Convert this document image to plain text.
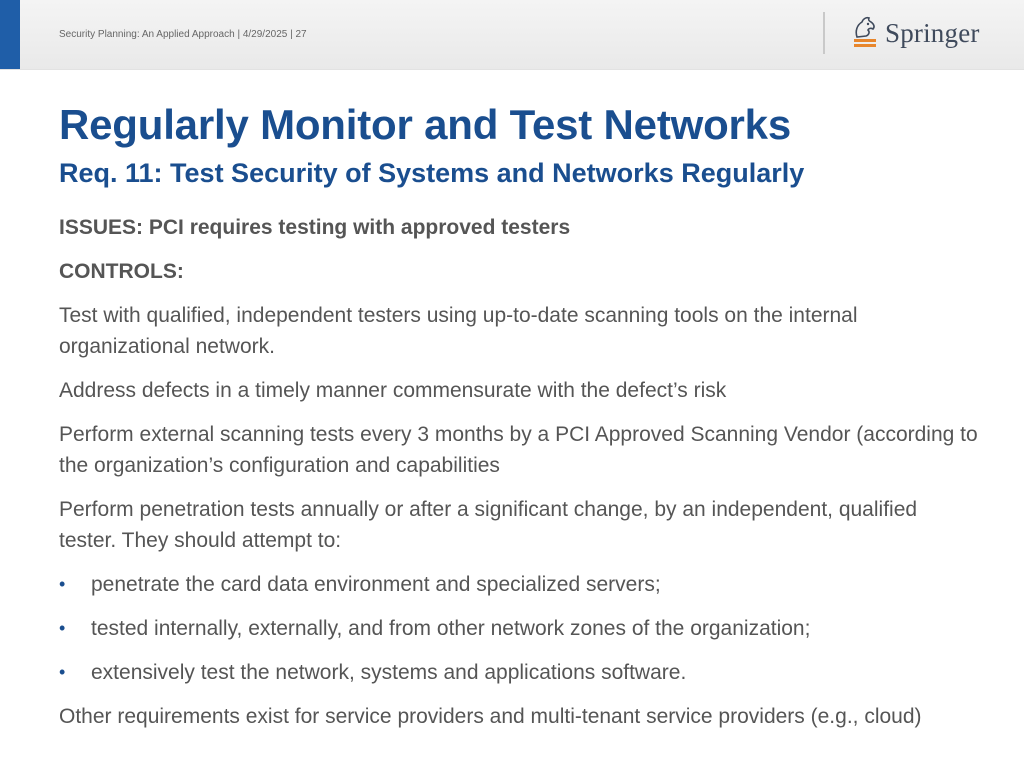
Security Planning: An Applied Approach | 4/29/2025 | 27	Springer
Regularly Monitor and Test Networks
Req. 11: Test Security of Systems and Networks Regularly

ISSUES: PCI requires testing with approved testers

CONTROLS:

Test with qualified, independent testers using up-to-date scanning tools on the internal organizational network.

Address defects in a timely manner commensurate with the defect’s risk

Perform external scanning tests every 3 months by a PCI Approved Scanning Vendor (according to the organization’s configuration and capabilities

Perform penetration tests annually or after a significant change, by an independent, qualified tester. They should attempt to:

• penetrate the card data environment and specialized servers;
• tested internally, externally, and from other network zones of the organization;
• extensively test the network, systems and applications software.

Other requirements exist for service providers and multi-tenant service providers (e.g., cloud)
